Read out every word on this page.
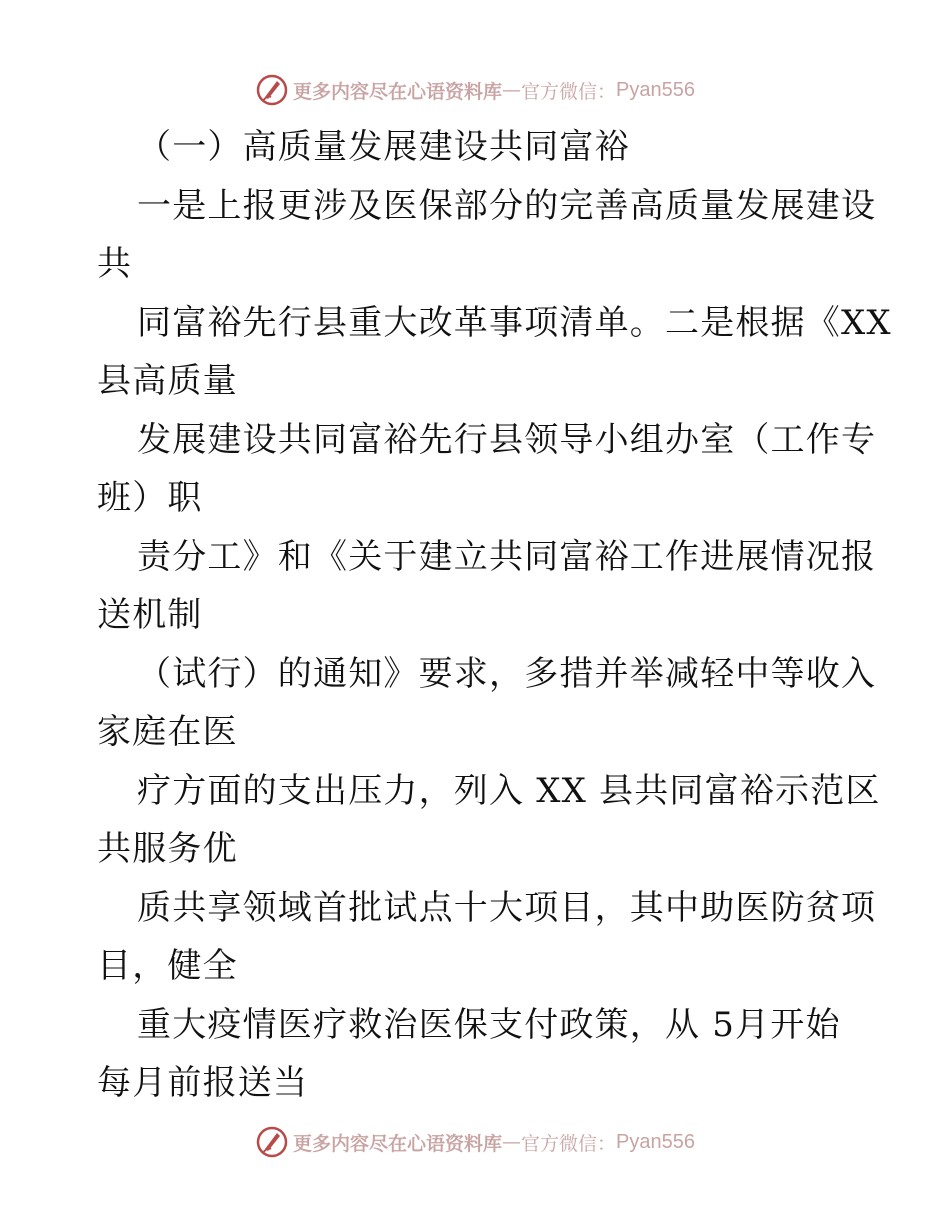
更多内容尽在心语资料库 — 官方微信： Pyan556
（一）高质量发展建设共同富裕
一是上报更涉及医保部分的完善高质量发展建设
共
同富裕先行县重大改革事项清单。二是根据《XX
县高质量
发展建设共同富裕先行县领导小组办室（工作专
班）职
责分工》和《关于建立共同富裕工作进展情况报
送机制
（试行）的通知》要求，多措并举减轻中等收入
家庭在医
疗方面的支出压力，列入 XX 县共同富裕示范区
共服务优
质共享领域首批试点十大项目，其中助医防贫项
目，健全
重大疫情医疗救治医保支付政策，从 5月开始
每月前报送当
更多内容尽在心语资料库 — 官方微信： Pyan556
